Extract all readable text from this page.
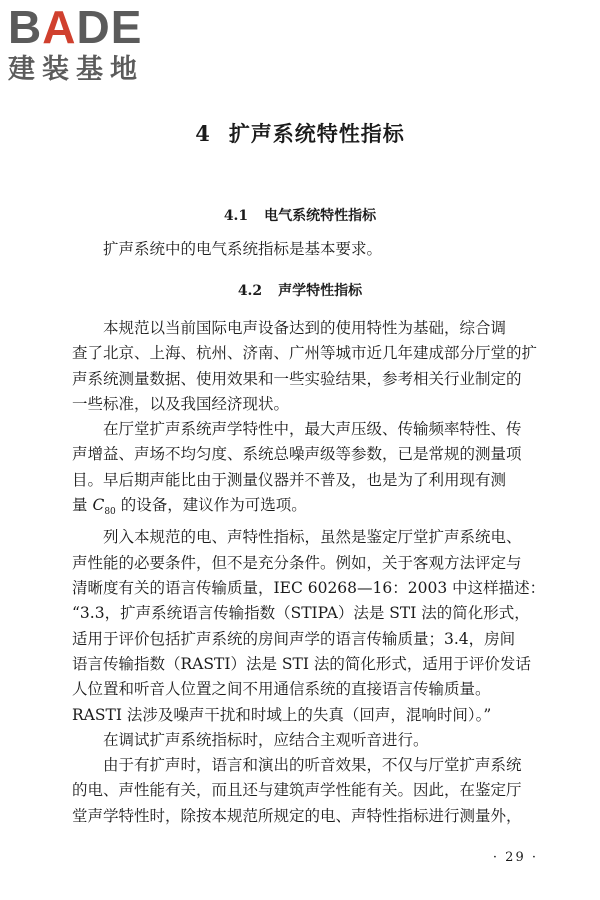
BADE
建装基地
4 扩声系统特性指标
4.1 电气系统特性指标
扩声系统中的电气系统指标是基本要求。
4.2 声学特性指标
本规范以当前国际电声设备达到的使用特性为基础，综合调
查了北京、上海、杭州、济南、广州等城市近几年建成部分厅堂的扩
声系统测量数据、使用效果和一些实验结果，参考相关行业制定的
一些标准，以及我国经济现状。
在厅堂扩声系统声学特性中，最大声压级、传输频率特性、传
声增益、声场不均匀度、系统总噪声级等参数，已是常规的测量项
目。早后期声能比由于测量仪器并不普及，也是为了利用现有测
量 $C_{80}$ 的设备，建议作为可选项。
列入本规范的电、声特性指标，虽然是鉴定厅堂扩声系统电、
声性能的必要条件，但不是充分条件。例如，关于客观方法评定与
清晰度有关的语言传输质量，IEC 60268—16：2003 中这样描述：
“3.3，扩声系统语言传输指数（STIPA）法是 STI 法的简化形式，
适用于评价包括扩声系统的房间声学的语言传输质量；3.4，房间
语言传输指数（RASTI）法是 STI 法的简化形式，适用于评价发话
人位置和听音人位置之间不用通信系统的直接语言传输质量。
RASTI 法涉及噪声干扰和时域上的失真（回声，混响时间）。”
在调试扩声系统指标时，应结合主观听音进行。
由于有扩声时，语言和演出的听音效果，不仅与厅堂扩声系统
的电、声性能有关，而且还与建筑声学性能有关。因此，在鉴定厅
堂声学特性时，除按本规范所规定的电、声特性指标进行测量外，
· 29 ·
